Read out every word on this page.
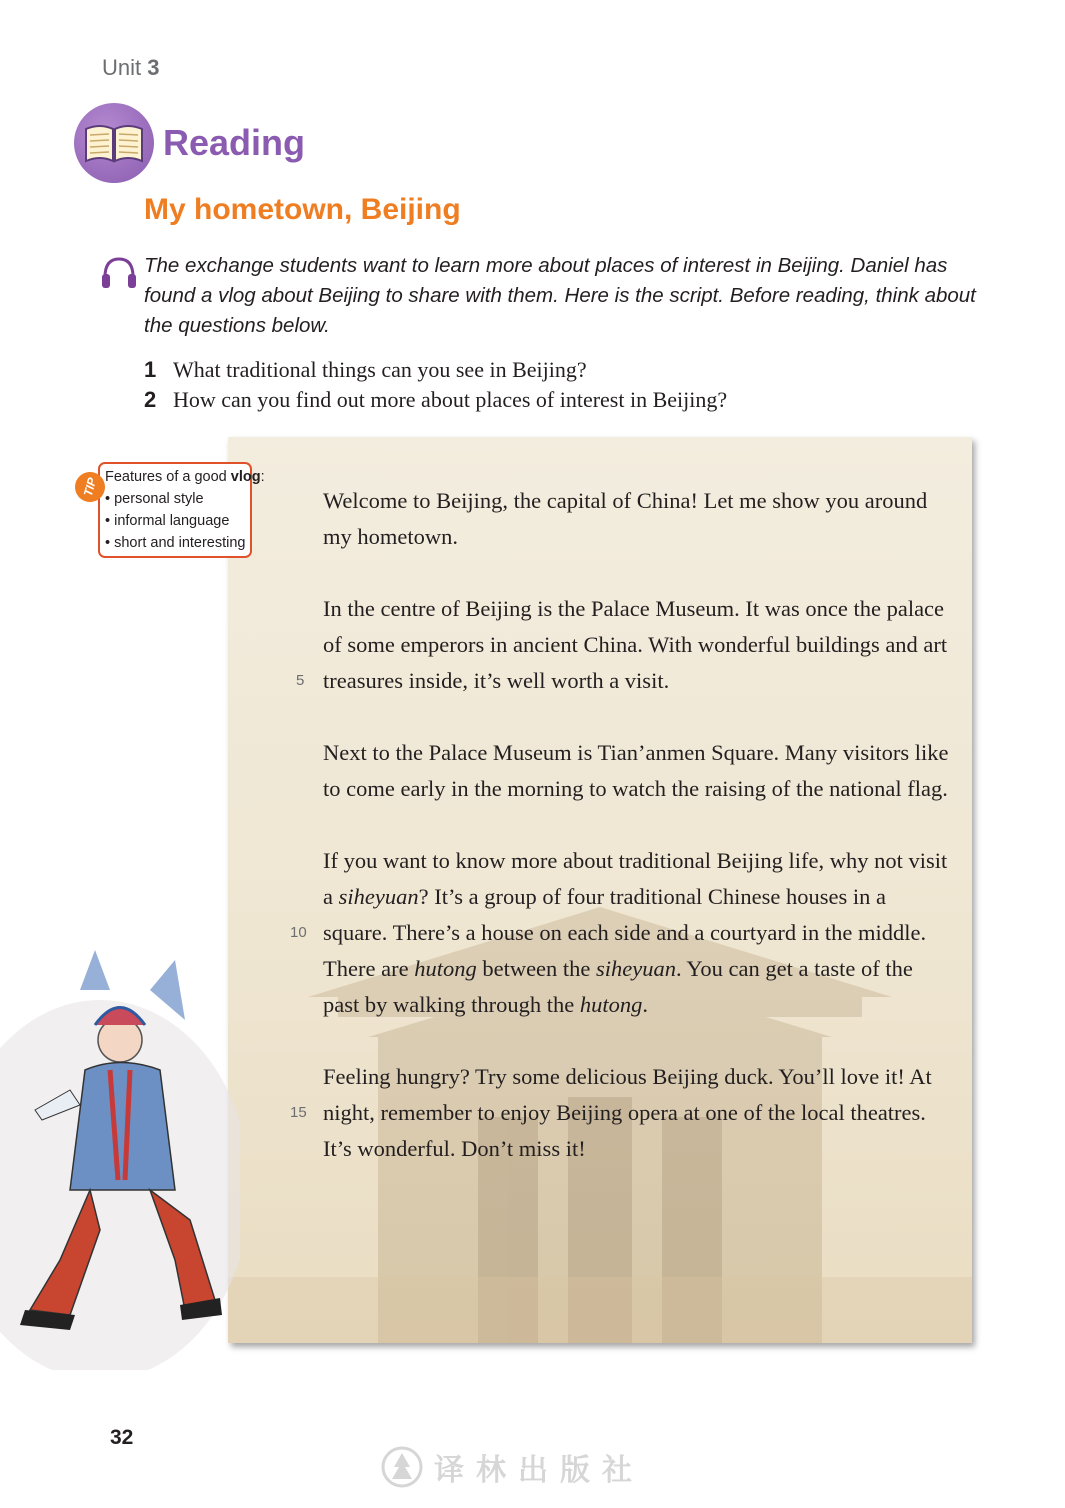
Unit 3
Reading
My hometown, Beijing
The exchange students want to learn more about places of interest in Beijing. Daniel has found a vlog about Beijing to share with them. Here is the script. Before reading, think about the questions below.
1 What traditional things can you see in Beijing?
2 How can you find out more about places of interest in Beijing?

Welcome to Beijing, the capital of China! Let me show you around my hometown.

In the centre of Beijing is the Palace Museum. It was once the palace of some emperors in ancient China. With wonderful buildings and art treasures inside, it’s well worth a visit.

Next to the Palace Museum is Tian’anmen Square. Many visitors like to come early in the morning to watch the raising of the national flag.

If you want to know more about traditional Beijing life, why not visit a siheyuan? It’s a group of four traditional Chinese houses in a square. There’s a house on each side and a courtyard in the middle. There are hutong between the siheyuan. You can get a taste of the past by walking through the hutong.

Feeling hungry? Try some delicious Beijing duck. You’ll love it! At night, remember to enjoy Beijing opera at one of the local theatres. It’s wonderful. Don’t miss it!

5
10
15
TIP Features of a good vlog:
• personal style
• informal language
• short and interesting
32
译林出版社
